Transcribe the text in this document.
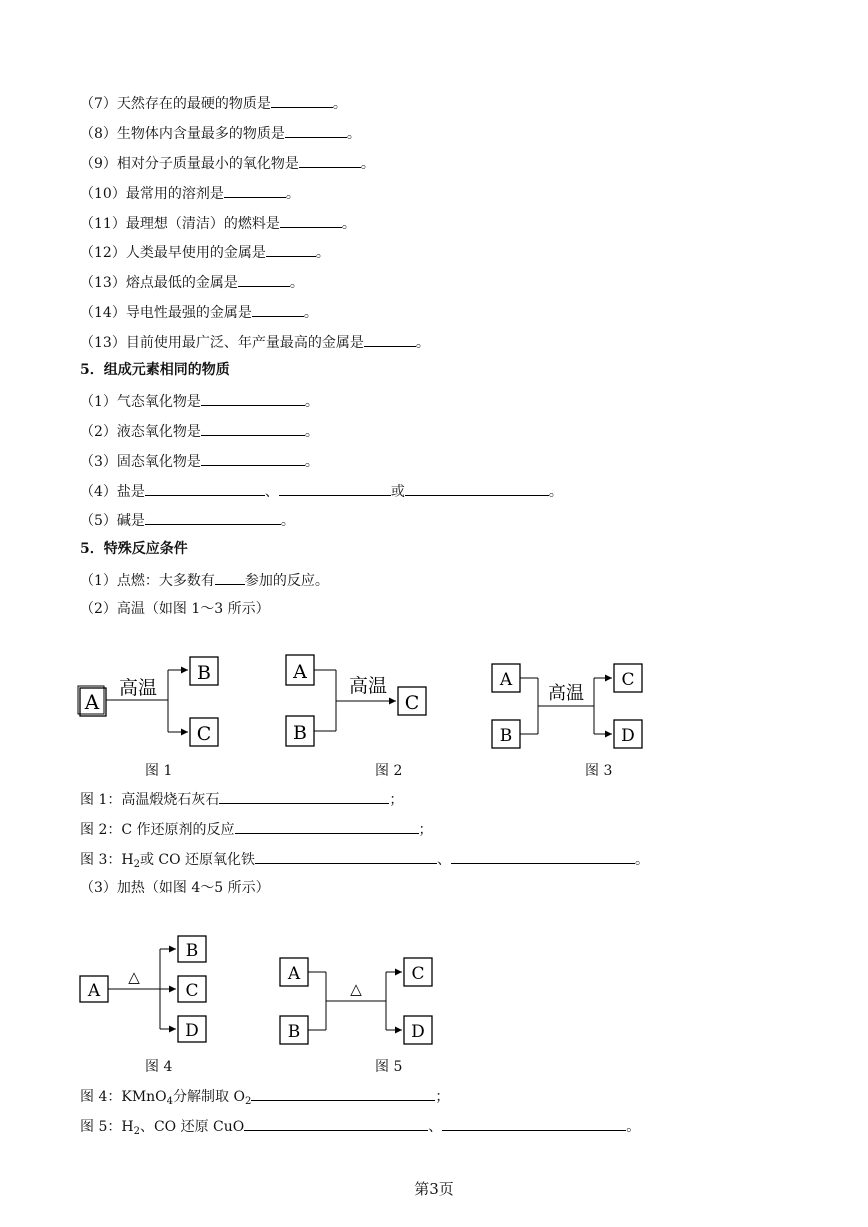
（7）天然存在的最硬的物质是	。
（8）生物体内含量最多的物质是	。
（9）相对分子质量最小的氧化物是	。
（10）最常用的溶剂是	。
（11）最理想（清洁）的燃料是	。
（12）人类最早使用的金属是	。
（13）熔点最低的金属是	。
（14）导电性最强的金属是	。
（13）目前使用最广泛、年产量最高的金属是	。
5．组成元素相同的物质
（1）气态氧化物是	。
（2）液态氧化物是	。
（3）固态氧化物是	。
（4）盐是	、	或	。
（5）碱是	。
5．特殊反应条件
（1）点燃：大多数有 参加的反应。
（2）高温（如图 1～3 所示）
A
高温
B
C
图 1
A
B
高温
C
图 2
A
B
高温
C
D
图 3
图 1：高温煅烧石灰石	；
图 2：C 作还原剂的反应	；
图 3：$H_2$或 CO 还原氧化铁	、	。
（3）加热（如图 4～5 所示）
A
△
B
C
D
图 4
A
B
△
C
D
图 5
图 4：KMnO$_4$分解制取 $O_2$	；
图 5：$H_2$、CO 还原 CuO	、	。
第3页
